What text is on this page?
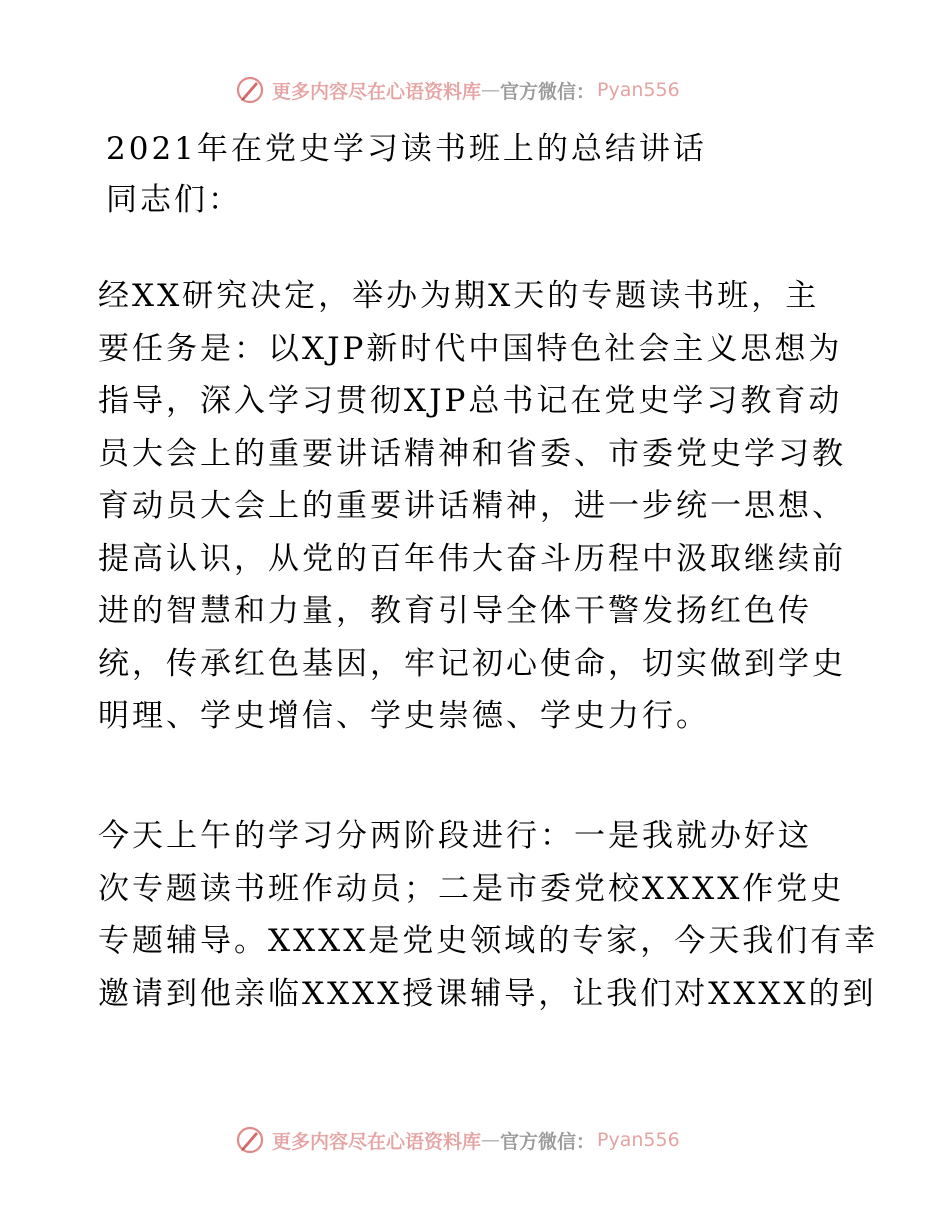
更多内容尽在心语资料库 — 官方微信： Pyan556
2021年在党史学习读书班上的总结讲话
同志们：
经XX研究决定，举办为期X天的专题读书班，主
要任务是：以XJP新时代中国特色社会主义思想为
指导，深入学习贯彻XJP总书记在党史学习教育动
员大会上的重要讲话精神和省委、市委党史学习教
育动员大会上的重要讲话精神，进一步统一思想、
提高认识，从党的百年伟大奋斗历程中汲取继续前
进的智慧和力量，教育引导全体干警发扬红色传
统，传承红色基因，牢记初心使命，切实做到学史
明理、学史增信、学史崇德、学史力行。
今天上午的学习分两阶段进行：一是我就办好这
次专题读书班作动员；二是市委党校XXXX作党史
专题辅导。XXXX是党史领域的专家，今天我们有幸
邀请到他亲临XXXX授课辅导，让我们对XXXX的到
更多内容尽在心语资料库 — 官方微信： Pyan556
